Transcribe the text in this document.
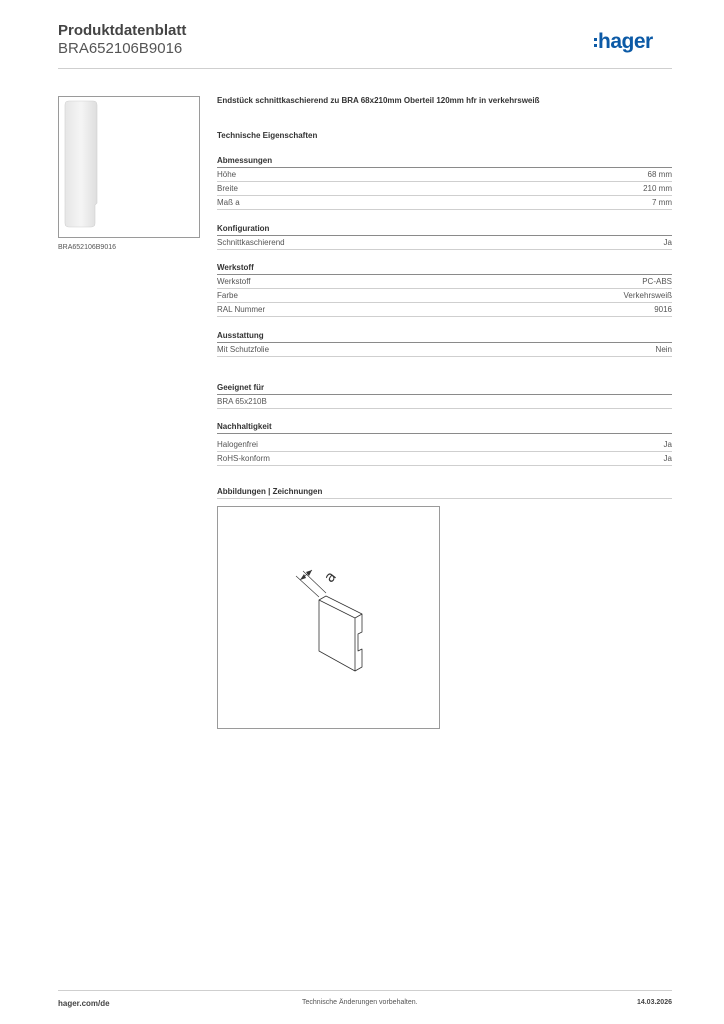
Produktdatenblatt
BRA652106B9016	hager
BRA652106B9016
Endstück schnittkaschierend zu BRA 68x210mm Oberteil 120mm hfr in verkehrsweiß
Technische Eigenschaften
Abmessungen
Höhe	68 mm
Breite	210 mm
Maß a	7 mm
Konfiguration
Schnittkaschierend	Ja
Werkstoff
Werkstoff	PC-ABS
Farbe	Verkehrsweiß
RAL Nummer	9016
Ausstattung
Mit Schutzfolie	Nein
Geeignet für
BRA 65x210B
Nachhaltigkeit
Halogenfrei	Ja
RoHS-konform	Ja
Abbildungen | Zeichnungen
a
hager.com/de	Technische Änderungen vorbehalten.	14.03.2026
